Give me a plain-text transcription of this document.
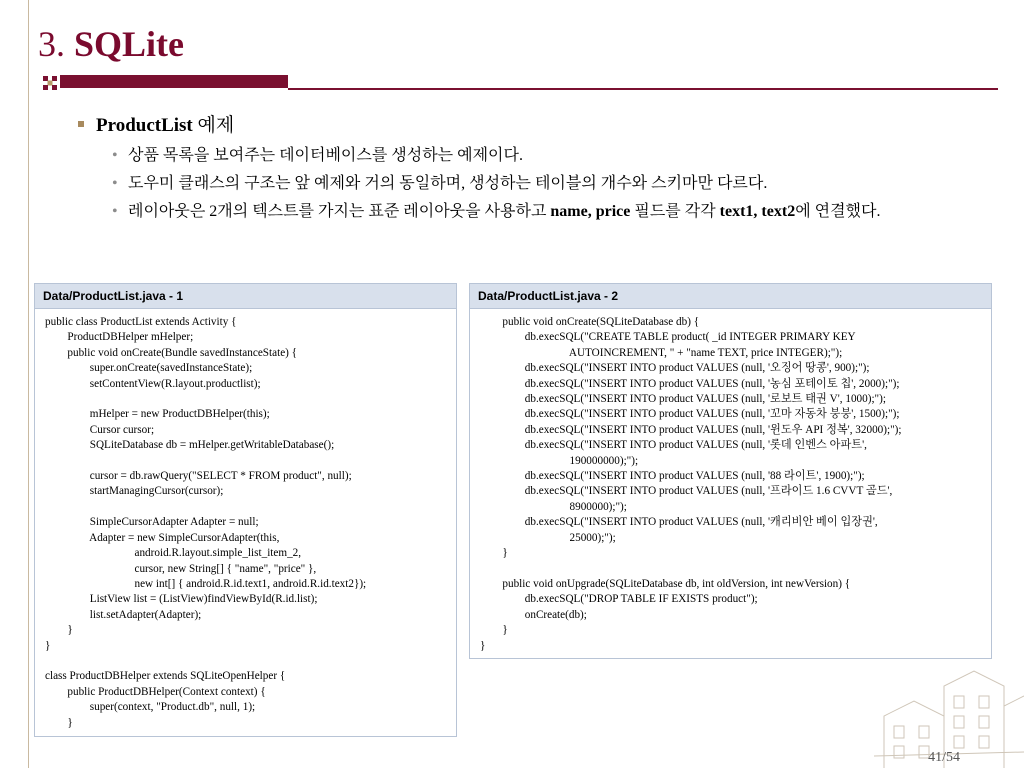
3. SQLite
ProductList 예제
• 상품 목록을 보여주는 데이터베이스를 생성하는 예제이다.
• 도우미 클래스의 구조는 앞 예제와 거의 동일하며, 생성하는 테이블의 개수와 스키마만 다르다.
• 레이아웃은 2개의 텍스트를 가지는 표준 레이아웃을 사용하고 name, price 필드를 각각 text1, text2에 연결했다.
Data/ProductList.java - 1
public class ProductList extends Activity {
ProductDBHelper mHelper;
public void onCreate(Bundle savedInstanceState) {
super.onCreate(savedInstanceState);
setContentView(R.layout.productlist);

mHelper = new ProductDBHelper(this);
Cursor cursor;
SQLiteDatabase db = mHelper.getWritableDatabase();

cursor = db.rawQuery("SELECT * FROM product", null);
startManagingCursor(cursor);

SimpleCursorAdapter Adapter = null;
Adapter = new SimpleCursorAdapter(this,
android.R.layout.simple_list_item_2,
cursor, new String[] { "name", "price" },
new int[] { android.R.id.text1, android.R.id.text2});
ListView list = (ListView)findViewById(R.id.list);
list.setAdapter(Adapter);
}
}

class ProductDBHelper extends SQLiteOpenHelper {
public ProductDBHelper(Context context) {
super(context, "Product.db", null, 1);
}
Data/ProductList.java - 2
public void onCreate(SQLiteDatabase db) {
db.execSQL("CREATE TABLE product( _id INTEGER PRIMARY KEY
AUTOINCREMENT, " + "name TEXT, price INTEGER);");
db.execSQL("INSERT INTO product VALUES (null, '오징어 땅콩', 900);");
db.execSQL("INSERT INTO product VALUES (null, '농심 포테이토 칩', 2000);");
db.execSQL("INSERT INTO product VALUES (null, '로보트 태권 V', 1000);");
db.execSQL("INSERT INTO product VALUES (null, '꼬마 자동차 붕붕', 1500);");
db.execSQL("INSERT INTO product VALUES (null, '윈도우 API 정복', 32000);");
db.execSQL("INSERT INTO product VALUES (null, '롯데 인벤스 아파트',
190000000);");
db.execSQL("INSERT INTO product VALUES (null, '88 라이트', 1900);");
db.execSQL("INSERT INTO product VALUES (null, '프라이드 1.6 CVVT 골드',
8900000);");
db.execSQL("INSERT INTO product VALUES (null, '캐리비안 베이 입장권',
25000);");
}

public void onUpgrade(SQLiteDatabase db, int oldVersion, int newVersion) {
db.execSQL("DROP TABLE IF EXISTS product");
onCreate(db);
}
}
41/54
